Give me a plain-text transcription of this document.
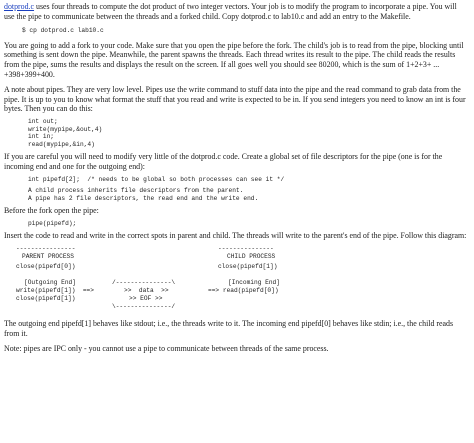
dotprod.c uses four threads to compute the dot product of two integer vectors. Your job is to modify the program to incorporate a pipe. You will use the pipe to communicate between the threads and a forked child. Copy dotprod.c to lab10.c and add an entry to the Makefile.

$ cp dotprod.c lab10.c

You are going to add a fork to your code. Make sure that you open the pipe before the fork. The child's job is to read from the pipe, blocking until something is sent down the pipe. Meanwhile, the parent spawns the threads. Each thread writes its result to the pipe. The child reads the results from the pipe, sums the results and displays the result on the screen. If all goes well you should see 80200, which is the sum of 1+2+3+ ... +398+399+400.

A note about pipes. They are very low level. Pipes use the write command to stuff data into the pipe and the read command to grab data from the pipe. It is up to you to know what format the stuff that you read and write is expected to be in. If you send integers you need to know an int is four bytes. Then you can do this:

int out;
write(mypipe,&out,4)
int in;
read(mypipe,&in,4)

If you are careful you will need to modify very little of the dotprod.c code. Create a global set of file descriptors for the pipe (one is for the incoming end and one for the outgoing end):

int pipefd[2];  /* needs to be global so both processes can see it */
A child process inherits file descriptors from the parent.
A pipe has 2 file descriptors, the read end and the write end.

Before the fork open the pipe:

pipe(pipefd);

Insert the code to read and write in the correct spots in parent and child. The threads will write to the parent's end of the pipe. Follow this diagram:

----------------
PARENT PROCESS
close(pipefd[0])
---------------
CHILD PROCESS
close(pipefd[1])
[Outgoing End]
write(pipefd[1])  ==>
close(pipefd[1])
/---------------\
>>  data  >>
>> EOF >>
\---------------/
[Incoming End]
==> read(pipefd[0])

The outgoing end pipefd[1] behaves like stdout; i.e., the threads write to it. The incoming end pipefd[0] behaves like stdin; i.e., the child reads from it.

Note: pipes are IPC only - you cannot use a pipe to communicate between threads of the same process.
